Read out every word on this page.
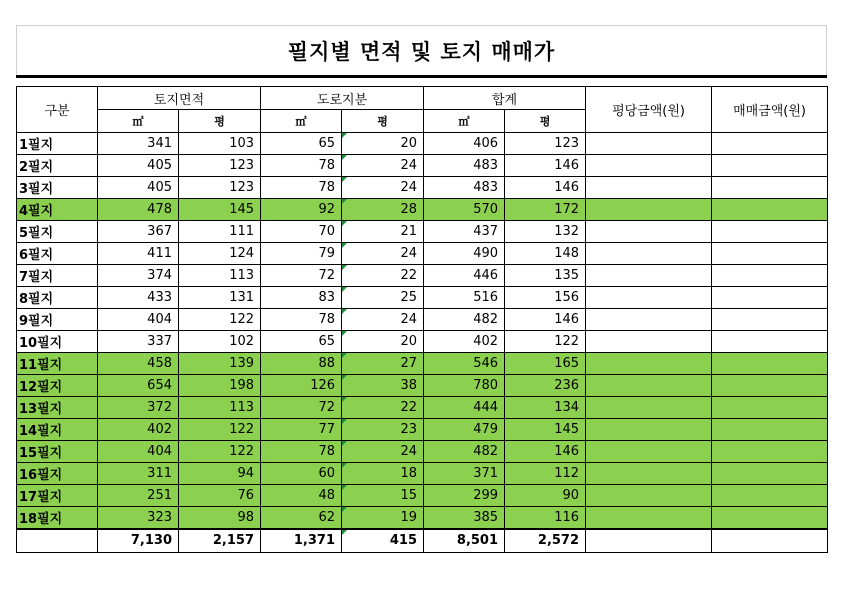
필지별 면적 및 토지 매매가
구분	토지면적		도로지분		합계		평당금액(원)	매매금액(원)
	㎡	평	㎡	평	㎡	평		
1필지	341	103	65	20	406	123		
2필지	405	123	78	24	483	146		
3필지	405	123	78	24	483	146		
4필지	478	145	92	28	570	172		
5필지	367	111	70	21	437	132		
6필지	411	124	79	24	490	148		
7필지	374	113	72	22	446	135		
8필지	433	131	83	25	516	156		
9필지	404	122	78	24	482	146		
10필지	337	102	65	20	402	122		
11필지	458	139	88	27	546	165		
12필지	654	198	126	38	780	236		
13필지	372	113	72	22	444	134		
14필지	402	122	77	23	479	145		
15필지	404	122	78	24	482	146		
16필지	311	94	60	18	371	112		
17필지	251	76	48	15	299	90		
18필지	323	98	62	19	385	116		
	7,130	2,157	1,371	415	8,501	2,572		
